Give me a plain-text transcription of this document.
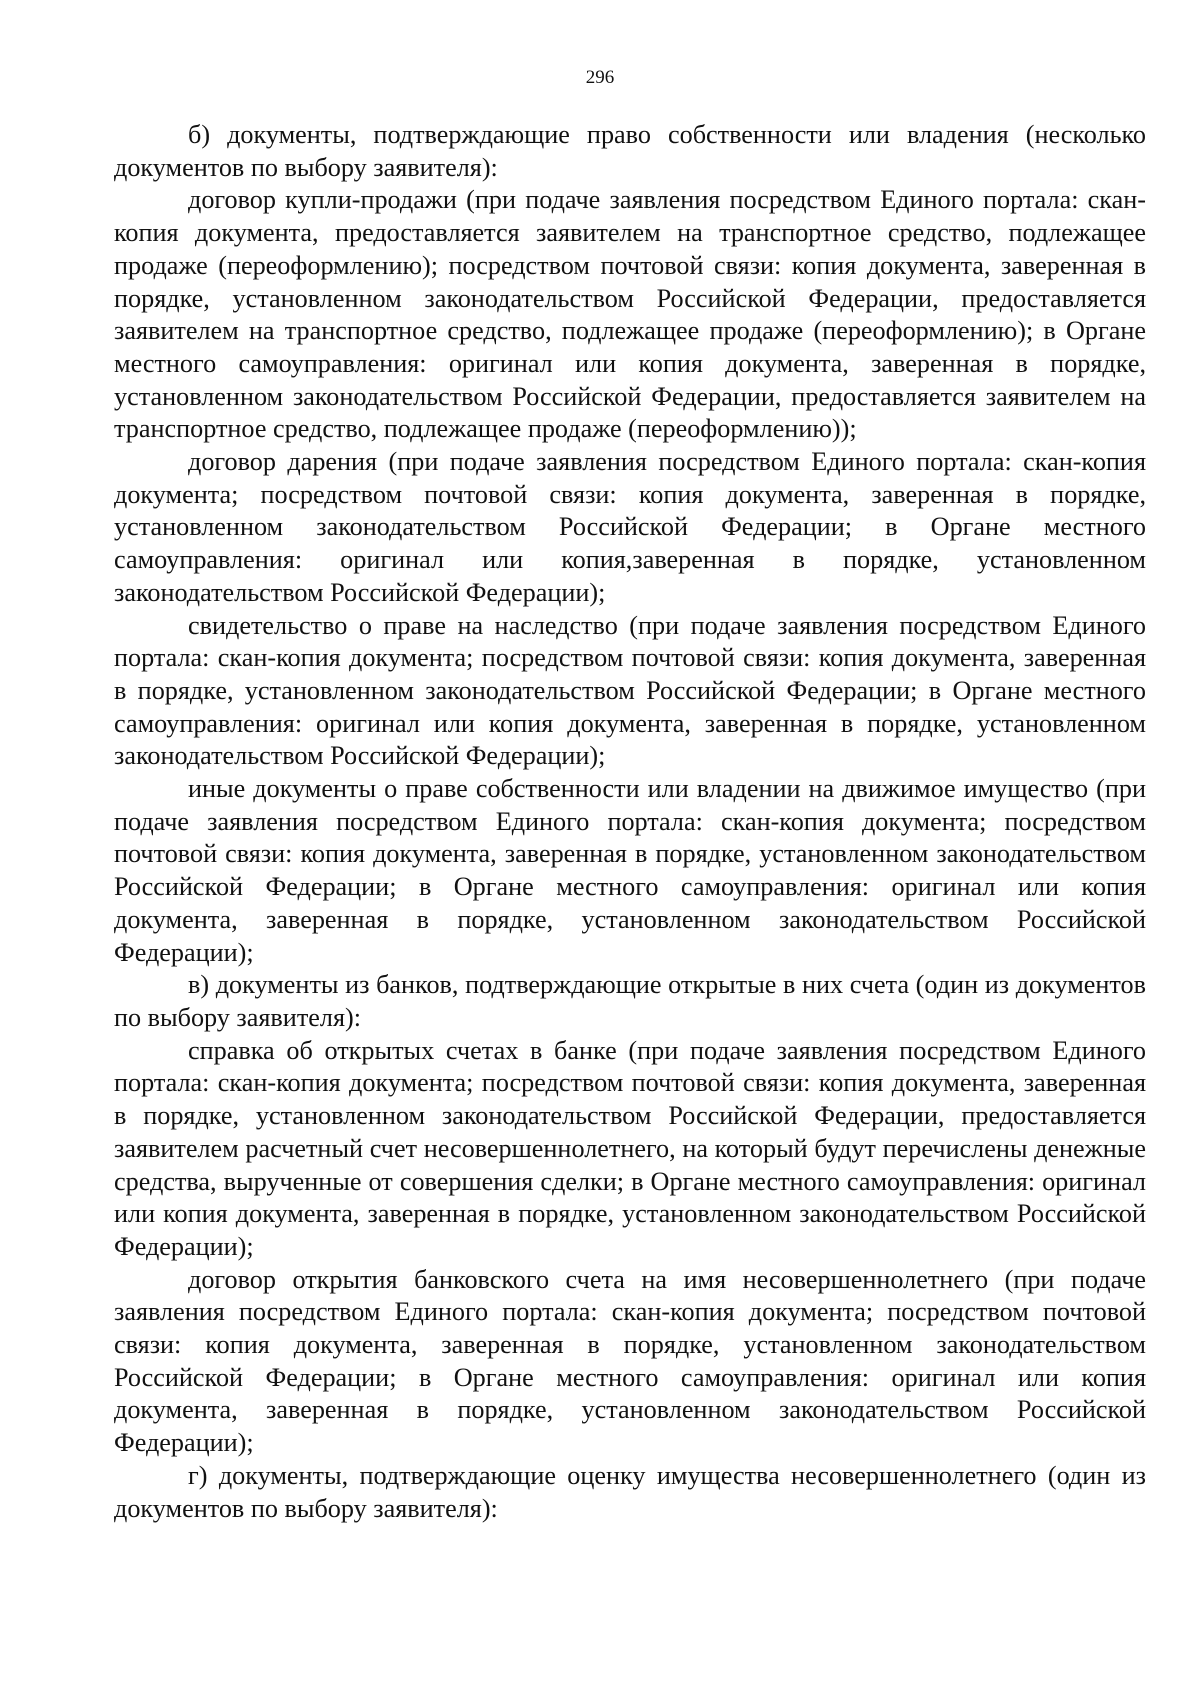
296

б) документы, подтверждающие право собственности или владения (несколько документов по выбору заявителя):

договор купли-продажи (при подаче заявления посредством Единого портала: скан-копия документа, предоставляется заявителем на транспортное средство, подлежащее продаже (переоформлению); посредством почтовой связи: копия документа, заверенная в порядке, установленном законодательством Российской Федерации, предоставляется заявителем на транспортное средство, подлежащее продаже (переоформлению); в Органе местного самоуправления: оригинал или копия документа, заверенная в порядке, установленном законодательством Российской Федерации, предоставляется заявителем на транспортное средство, подлежащее продаже (переоформлению));

договор дарения (при подаче заявления посредством Единого портала: скан-копия документа; посредством почтовой связи: копия документа, заверенная в порядке, установленном законодательством Российской Федерации; в Органе местного самоуправления: оригинал или копия,заверенная в порядке, установленном законодательством Российской Федерации);

свидетельство о праве на наследство (при подаче заявления посредством Единого портала: скан-копия документа; посредством почтовой связи: копия документа, заверенная в порядке, установленном законодательством Российской Федерации; в Органе местного самоуправления: оригинал или копия документа, заверенная в порядке, установленном законодательством Российской Федерации);

иные документы о праве собственности или владении на движимое имущество (при подаче заявления посредством Единого портала: скан-копия документа; посредством почтовой связи: копия документа, заверенная в порядке, установленном законодательством Российской Федерации; в Органе местного самоуправления: оригинал или копия документа, заверенная в порядке, установленном законодательством Российской Федерации);

в) документы из банков, подтверждающие открытые в них счета (один из документов по выбору заявителя):

справка об открытых счетах в банке (при подаче заявления посредством Единого портала: скан-копия документа; посредством почтовой связи: копия документа, заверенная в порядке, установленном законодательством Российской Федерации, предоставляется заявителем расчетный счет несовершеннолетнего, на который будут перечислены денежные средства, вырученные от совершения сделки; в Органе местного самоуправления: оригинал или копия документа, заверенная в порядке, установленном законодательством Российской Федерации);

договор открытия банковского счета на имя несовершеннолетнего (при подаче заявления посредством Единого портала: скан-копия документа; посредством почтовой связи: копия документа, заверенная в порядке, установленном законодательством Российской Федерации; в Органе местного самоуправления: оригинал или копия документа, заверенная в порядке, установленном законодательством Российской Федерации);

г) документы, подтверждающие оценку имущества несовершеннолетнего (один из документов по выбору заявителя):
